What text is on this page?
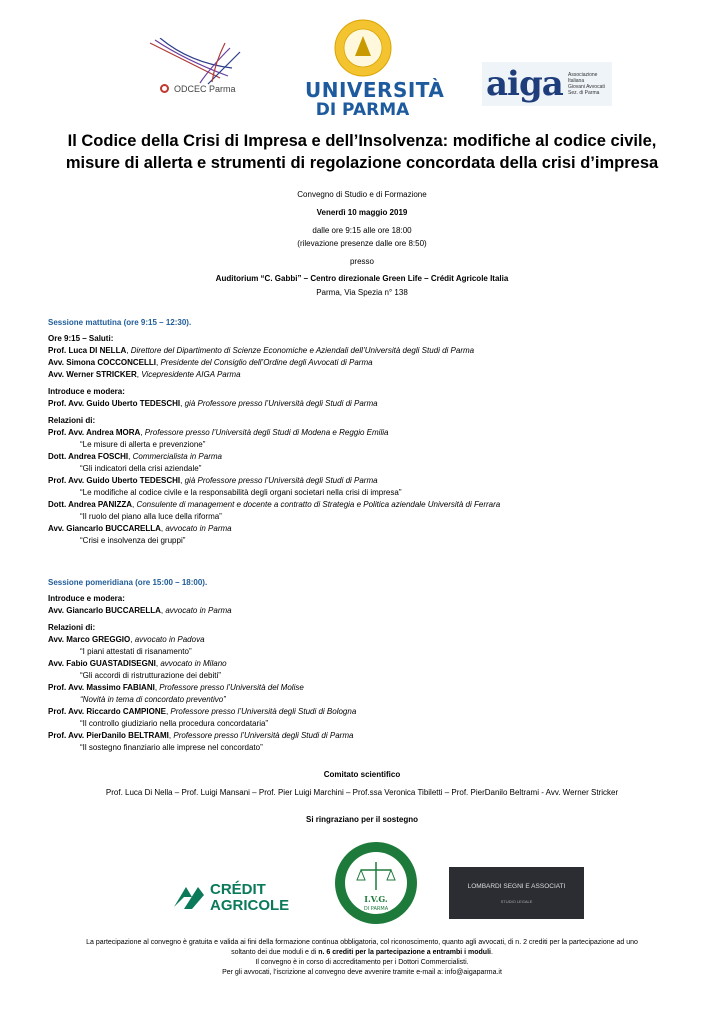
ODCEC Parma	UNIVERSITÀ
DI PARMA
aiga Associazione
Italiana
Giovani Avvocati
Sez. di Parma
Il Codice della Crisi di Impresa e dell’Insolvenza: modifiche al codice civile,
misure di allerta e strumenti di regolazione concordata della crisi d’impresa
Convegno di Studio e di Formazione
Venerdì 10 maggio 2019
dalle ore 9:15 alle ore 18:00
(rilevazione presenze dalle ore 8:50)
presso
Auditorium “C. Gabbi” – Centro direzionale Green Life – Crédit Agricole Italia
Parma, Via Spezia n° 138
Sessione mattutina (ore 9:15 – 12:30).
Ore 9:15 – Saluti:
Prof. Luca DI NELLA, Direttore del Dipartimento di Scienze Economiche e Aziendali dell’Università degli Studi di Parma
Avv. Simona COCCONCELLI, Presidente del Consiglio dell’Ordine degli Avvocati di Parma
Avv. Werner STRICKER, Vicepresidente AIGA Parma
Introduce e modera:
Prof. Avv. Guido Uberto TEDESCHI, già Professore presso l’Università degli Studi di Parma
Relazioni di:
Prof. Avv. Andrea MORA, Professore presso l’Università degli Studi di Modena e Reggio Emilia
“Le misure di allerta e prevenzione”
Dott. Andrea FOSCHI, Commercialista in Parma
“Gli indicatori della crisi aziendale”
Prof. Avv. Guido Uberto TEDESCHI, già Professore presso l’Università degli Studi di Parma
“Le modifiche al codice civile e la responsabilità degli organi societari nella crisi di impresa”
Dott. Andrea PANIZZA, Consulente di management e docente a contratto di Strategia e Politica aziendale Università di Ferrara
“Il ruolo del piano alla luce della riforma”
Avv. Giancarlo BUCCARELLA, avvocato in Parma
“Crisi e insolvenza dei gruppi”
Sessione pomeridiana (ore 15:00 – 18:00).
Introduce e modera:
Avv. Giancarlo BUCCARELLA, avvocato in Parma
Relazioni di:
Avv. Marco GREGGIO, avvocato in Padova
“I piani attestati di risanamento”
Avv. Fabio GUASTADISEGNI, avvocato in Milano
“Gli accordi di ristrutturazione dei debiti”
Prof. Avv. Massimo FABIANI, Professore presso l’Università del Molise
“Novità in tema di concordato preventivo”
Prof. Avv. Riccardo CAMPIONE, Professore presso l’Università degli Studi di Bologna
“Il controllo giudiziario nella procedura concordataria”
Prof. Avv. PierDanilo BELTRAMI, Professore presso l’Università degli Studi di Parma
“Il sostegno finanziario alle imprese nel concordato”
Comitato scientifico
Prof. Luca Di Nella – Prof. Luigi Mansani – Prof. Pier Luigi Marchini – Prof.ssa Veronica Tibiletti – Prof. PierDanilo Beltrami - Avv. Werner Stricker
Si ringraziano per il sostegno
CRÉDIT
AGRICOLE	I.V.G.
DI PARMA
LOMBARDI SEGNI E ASSOCIATI
STUDIO LEGALE
La partecipazione al convegno è gratuita e valida ai fini della formazione continua obbligatoria, col riconoscimento, quanto agli avvocati, di n. 2 crediti per la partecipazione ad uno
soltanto dei due moduli e di n. 6 crediti per la partecipazione a entrambi i moduli.
Il convegno è in corso di accreditamento per i Dottori Commercialisti.
Per gli avvocati, l’iscrizione al convegno deve avvenire tramite e-mail a: info@aigaparma.it
